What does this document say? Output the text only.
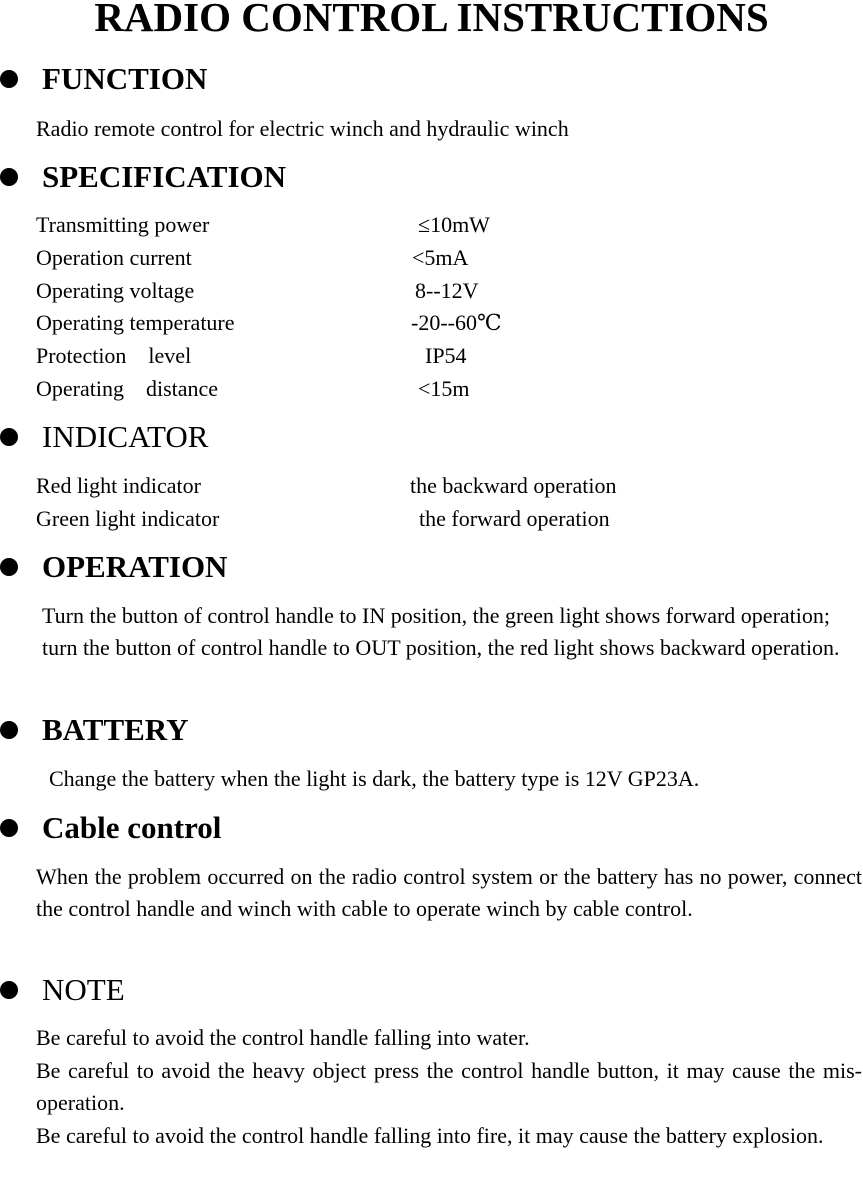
RADIO CONTROL INSTRUCTIONS
FUNCTION
Radio remote control for electric winch and hydraulic winch
SPECIFICATION
Transmitting power	≤10mW
Operation current	<5mA
Operating voltage	8--12V
Operating temperature	-20--60℃
Protection    level	IP54
Operating    distance	<15m
INDICATOR
Red light indicator	the backward operation
Green light indicator	the forward operation
OPERATION
Turn the button of control handle to IN position, the green light shows forward operation; turn the button of control handle to OUT position, the red light shows backward operation.
BATTERY
Change the battery when the light is dark, the battery type is 12V GP23A.
Cable control
When the problem occurred on the radio control system or the battery has no power, connect the control handle and winch with cable to operate winch by cable control.
NOTE
Be careful to avoid the control handle falling into water.
Be careful to avoid the heavy object press the control handle button, it may cause the mis-operation.
Be careful to avoid the control handle falling into fire, it may cause the battery explosion.
